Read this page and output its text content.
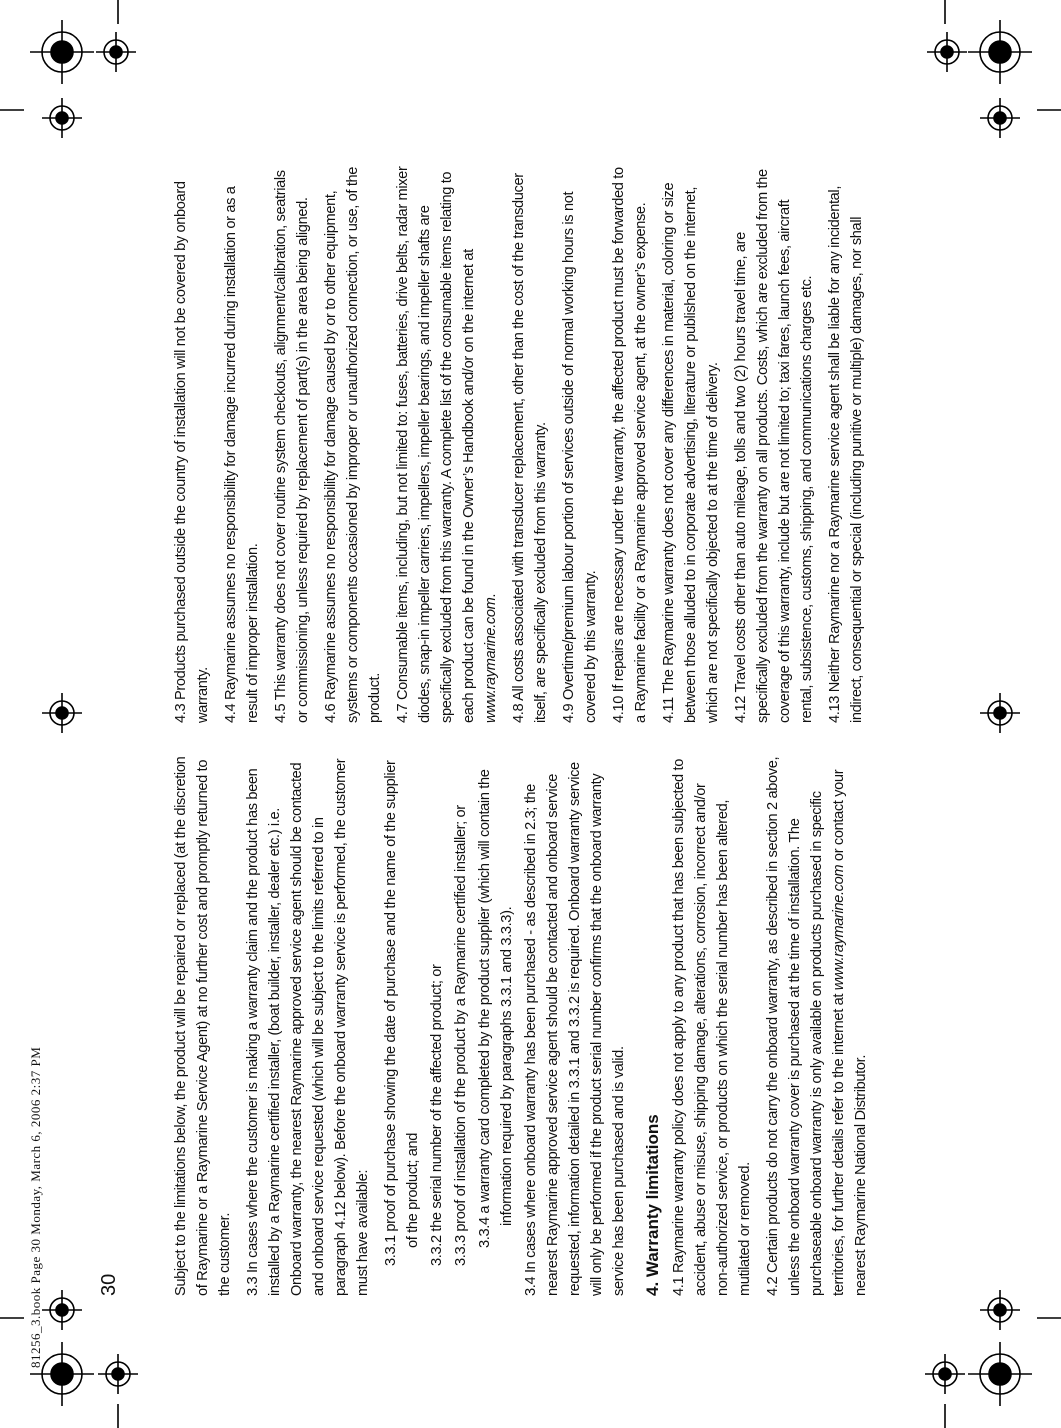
81256_3.book Page 30 Monday, March 6, 2006 2:37 PM	30	Subject to the limitations below, the product will be repaired or replaced (at the discretion of Raymarine or a Raymarine Service Agent) at no further cost and promptly returned to the customer. 3.3 In cases where the customer is making a warranty claim and the product has been installed by a Raymarine certified installer, (boat builder, installer, dealer etc.) i.e. Onboard warranty, the nearest Raymarine approved service agent should be contacted and onboard service requested (which will be subject to the limits referred to in paragraph 4.12 below). Before the onboard warranty service is performed, the customer must have available: 3.3.1 proof of purchase showing the date of purchase and the name of the supplier of the product; and 3.3.2 the serial number of the affected product; or 3.3.3 proof of installation of the product by a Raymarine certified installer; or 3.3.4 a warranty card completed by the product supplier (which will contain the information required by paragraphs 3.3.1 and 3.3.3). 3.4 In cases where onboard warranty has been purchased - as described in 2.3; the nearest Raymarine approved service agent should be contacted and onboard service requested, information detailed in 3.3.1 and 3.3.2 is required. Onboard warranty service will only be performed if the product serial number confirms that the onboard warranty service has been purchased and is valid. 4. Warranty limitations 4.1 Raymarine warranty policy does not apply to any product that has been subjected to accident, abuse or misuse, shipping damage, alterations, corrosion, incorrect and/or non-authorized service, or products on which the serial number has been altered, mutilated or removed. 4.2 Certain products do not carry the onboard warranty, as described in section 2 above, unless the onboard warranty cover is purchased at the time of installation. The purchaseable onboard warranty is only available on products purchased in specific territories, for further details refer to the internet at www.raymarine.com or contact your nearest Raymarine National Distributor.

4.3 Products purchased outside the country of installation will not be covered by onboard warranty. 4.4 Raymarine assumes no responsibility for damage incurred during installation or as a result of improper installation. 4.5 This warranty does not cover routine system checkouts, alignment/calibration, seatrials or commissioning, unless required by replacement of part(s) in the area being aligned. 4.6 Raymarine assumes no responsibility for damage caused by or to other equipment, systems or components occasioned by improper or unauthorized connection, or use, of the product. 4.7 Consumable items, including, but not limited to: fuses, batteries, drive belts, radar mixer diodes, snap-in impeller carriers, impellers, impeller bearings, and impeller shafts are specifically excluded from this warranty. A complete list of the consumable items relating to each product can be found in the Owner’s Handbook and/or on the internet at www.raymarine.com. 4.8 All costs associated with transducer replacement, other than the cost of the transducer itself, are specifically excluded from this warranty. 4.9 Overtime/premium labour portion of services outside of normal working hours is not covered by this warranty. 4.10 If repairs are necessary under the warranty, the affected product must be forwarded to a Raymarine facility or a Raymarine approved service agent, at the owner’s expense. 4.11 The Raymarine warranty does not cover any differences in material, coloring or size between those alluded to in corporate advertising, literature or published on the internet, which are not specifically objected to at the time of delivery. 4.12 Travel costs other than auto mileage, tolls and two (2) hours travel time, are specifically excluded from the warranty on all products. Costs, which are excluded from the coverage of this warranty, include but are not limited to; taxi fares, launch fees, aircraft rental, subsistence, customs, shipping, and communications charges etc. 4.13 Neither Raymarine nor a Raymarine service agent shall be liable for any incidental, indirect, consequential or special (including punitive or multiple) damages, nor shall
